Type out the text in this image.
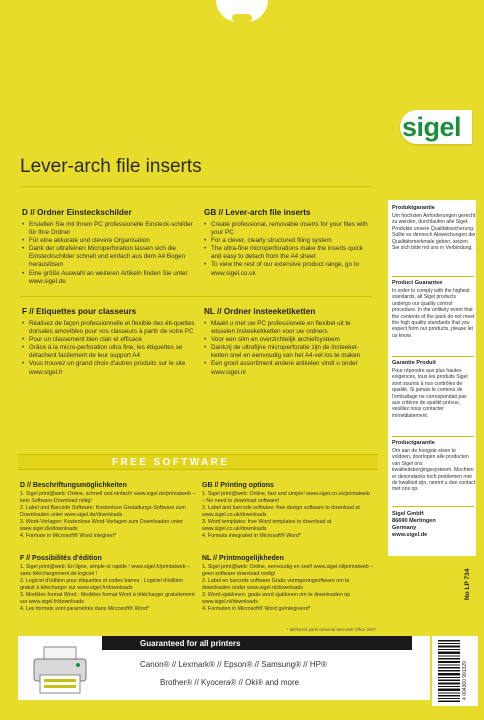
sigel
Lever-arch file inserts
D // Ordner Einsteckschilder
• Erstellen Sie mit Ihrem PC professionelle Einsteck-schilder für Ihre Ordner
• Für eine akkurate und clevere Organisation
• Dank der ultrafeinen Microperforation lassen sich die Einsteckschilder schnell und einfach aus dem A4 Bogen herauslösen
• Eine größe Auswahl an weiteren Artikeln finden Sie unter www.sigel.de
GB // Lever-arch file inserts
• Create professional, removable inserts for your files with your PC
• For a clever, clearly structured filing system
• The ultra-fine microperforations make the inserts quick and easy to detach from the A4 sheet
• To view the rest of our extensive product range, go to www.sigel.co.uk
F // Etiquettes pour classeurs
• Réalisez de façon professionnelle et flexible des éti-quettes dorsales amovibles pour vos classeurs à partir de votre PC
• Pour un classement bien clair et efficace
• Grâce à la micro-perforation ultra fine, les étiquettes se détachent facilement de leur support A4
• Vous trouvez un grand choix d'autres produits sur le site www.sigel.fr
NL // Ordner insteeketiketten
• Maakt u met uw PC professionele en flexibel uit te wisselen insteeketiketten voor uw ordners
• Voor een slim en overzichtelijk archiefsysteem
• Dankzij de ultrafijne microperforatie zijn de insteeket-ketten snel en eenvoudig van het A4-vel los te maken
• Een groot assortiment andere artikelen vindt u onder www.sigel.nl
FREE SOFTWARE
D // Beschriftungsmöglichkeiten
1. Sigel print@web: Online, schnell und einfach! www.sigel.de/printatweb – kein Software-Download nötig!
2. Label und Barcode Software: Kostenlose Gestaltungs-Software zum Downloaden unter www.sigel.de/downloads
3. Word-Vorlagen: Kostenlose Word-Vorlagen zum Downloaden unter www.sigel.de/downloads
4. Formate in Microsoft® Word integriert*
GB // Printing options
1. Sigel print@web: Online, fast and simple! www.sigel.co.uk/printatweb – No need to download software!
2. Label and barcode software: free design software to download at www.sigel.co.uk/downloads
3. Word templates: free Word templates to download at www.sigel.co.uk/downloads
4. Formats integrated in Microsoft® Word*
F // Possibilités d'édition
1. Sigel print@web: En ligne, simple et rapide ! www.sigel.fr/printatweb – sans téléchargement de logiciel !
2. Logiciel d'édition pour étiquettes et codes barres : Logiciel d'édition gratuit à télécharger sur www.sigel.fr/downloads
3. Modèles format Word : Modèles format Word à télécharger gratuitement sur www.sigel.fr/downloads
4. Les formats sont paramétrés dans Microsoft® Word*
NL // Printmogelijkheden
1. Sigel print@web: Online, eenvoudig en snel! www.sigel.nl/printatweb – geen software download nodig!
2. Label en barcode software Gratis vormgevingsoftware om te downloaden onder www.sigel.nl/downloads
3. Word-sjablonen: gratis word sjablonen om te downloaden op www.sigel.nl/downloads
4. Formaten in Microsoft® Word geïntegreerd*
* ab/from/à partir de/vanaf Microsoft Office 2007
Produktgarantie

Um höchsten Anforderungen gerecht zu werden, durchlaufen alle Sigel-Produkte unsere Qualitätssicherung. Sollte es dennoch Abweichungen der Qualitätsmerkmale geben, setzen Sie sich bitte mit uns in Verbindung.

Product Guarantee

In order to comply with the highest standards, all Sigel products undergo our quality control procedure. In the unlikely event that the contents of the pack do not meet the high quality standards that you expect from our products, please let us know.

Garantie Produit

Pour répondre aux plus hautes exigences, tous les produits Sigel sont soumis à nos contrôles de qualité. Si jamais le contenu de l'emballage ne correspondait pas aux critères de qualité prévus, veuillez nous contacter immédiatement.

Productgarantie

Om aan de hoogste eisen te voldoen, doorlopen alle producten van Sigel ons kwaliteitsborgingssysteem. Mochten er desondanks toch problemen met de kwaliteit zijn, neemt u dan contact met ons op.

Sigel GmbH
86690 Mertingen
Germany
www.sigel.de
Guaranteed for all printers
Canon® // Lexmark® // Epson® // Samsung® // HP®
Brother® // Kyocera® // Oki® and more	4 004360 991329
No LP 734
